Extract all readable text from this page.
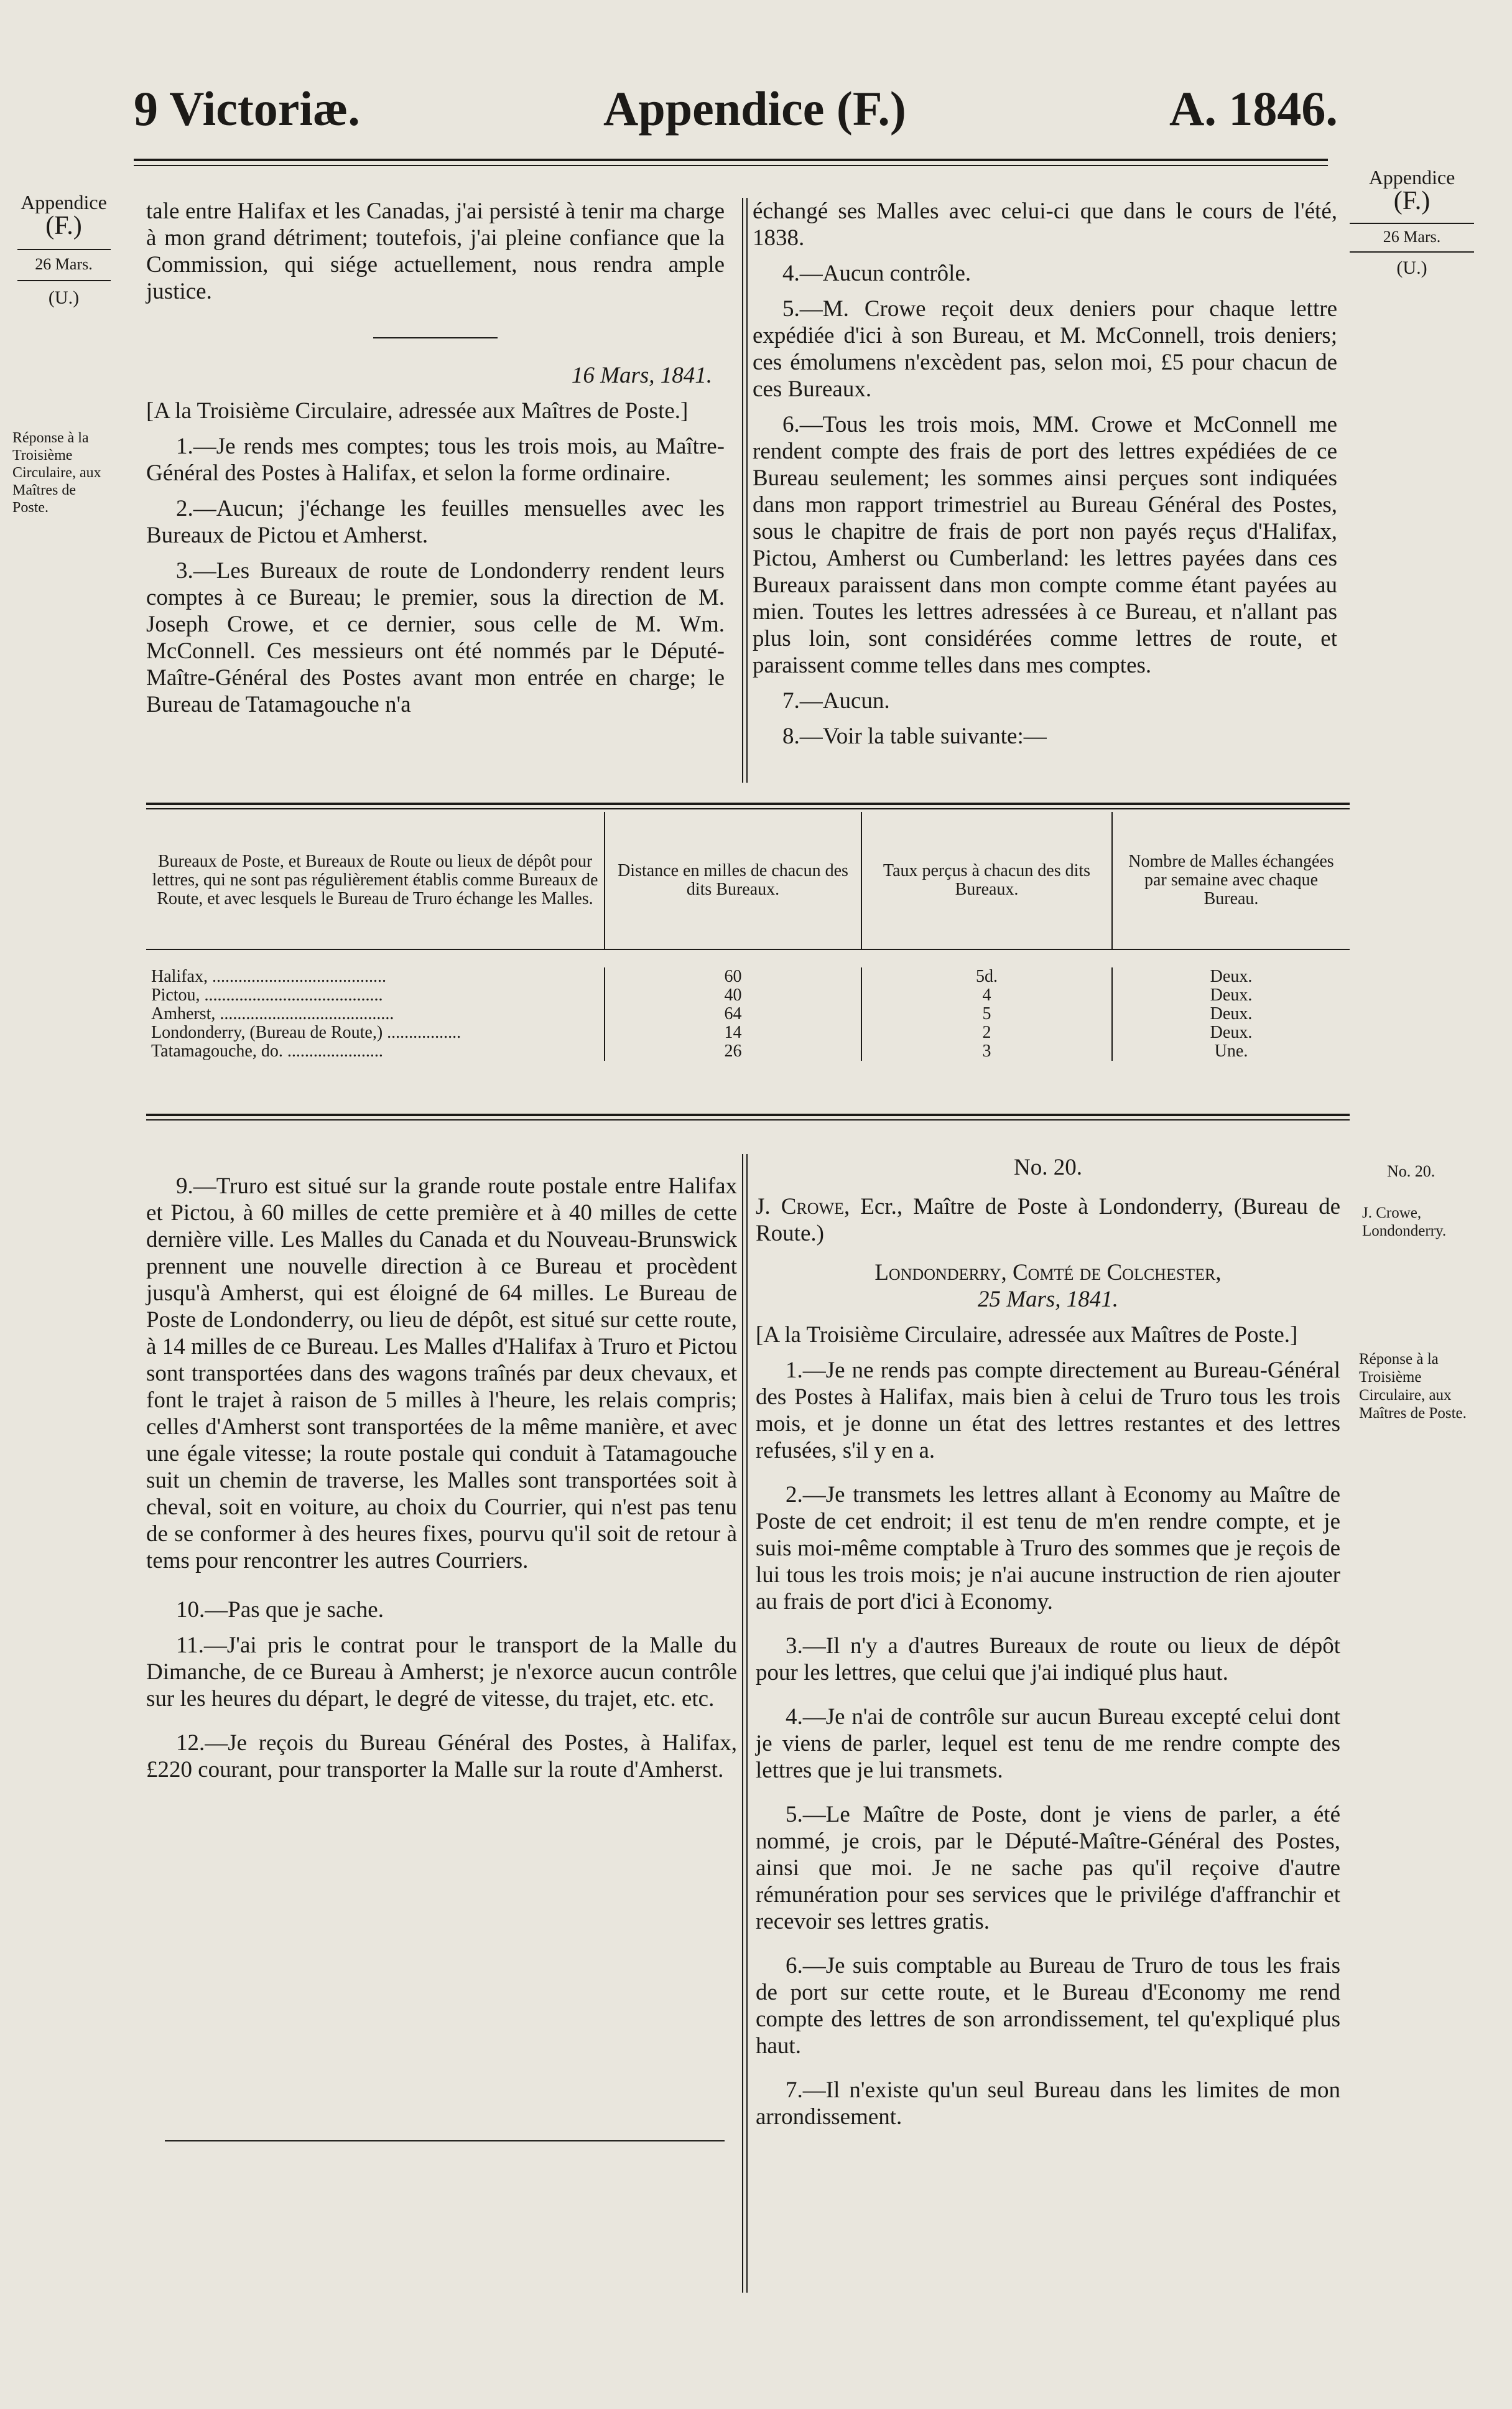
9 Victoriæ.	Appendice (F.)	A. 1846.
Appendice
(F.)
26 Mars.
(U.)
Réponse à la Troisième Circulaire, aux Maîtres de Poste.
Appendice
(F.)
26 Mars.
(U.)
No. 20.
J. Crowe, Londonderry.
Réponse à la Troisième Circulaire, aux Maîtres de Poste.

tale entre Halifax et les Canadas, j'ai persisté à tenir ma charge à mon grand détriment; toutefois, j'ai pleine confiance que la Commission, qui siége actuellement, nous rendra ample justice.

16 Mars, 1841.

[A la Troisième Circulaire, adressée aux Maîtres de Poste.]

1.—Je rends mes comptes; tous les trois mois, au Maître-Général des Postes à Halifax, et selon la forme ordinaire.

2.—Aucun; j'échange les feuilles mensuelles avec les Bureaux de Pictou et Amherst.

3.—Les Bureaux de route de Londonderry rendent leurs comptes à ce Bureau; le premier, sous la direction de M. Joseph Crowe, et ce dernier, sous celle de M. Wm. McConnell. Ces messieurs ont été nommés par le Député-Maître-Général des Postes avant mon entrée en charge; le Bureau de Tatamagouche n'a

échangé ses Malles avec celui-ci que dans le cours de l'été, 1838.

4.—Aucun contrôle.

5.—M. Crowe reçoit deux deniers pour chaque lettre expédiée d'ici à son Bureau, et M. McConnell, trois deniers; ces émolumens n'excèdent pas, selon moi, £5 pour chacun de ces Bureaux.

6.—Tous les trois mois, MM. Crowe et McConnell me rendent compte des frais de port des lettres expédiées de ce Bureau seulement; les sommes ainsi perçues sont indiquées dans mon rapport trimestriel au Bureau Général des Postes, sous le chapitre de frais de port non payés reçus d'Halifax, Pictou, Amherst ou Cumberland: les lettres payées dans ces Bureaux paraissent dans mon compte comme étant payées au mien. Toutes les lettres adressées à ce Bureau, et n'allant pas plus loin, sont considérées comme lettres de route, et paraissent comme telles dans mes comptes.

7.—Aucun.

8.—Voir la table suivante:—

Bureaux de Poste, et Bureaux de Route ou lieux de dépôt pour lettres, qui ne sont pas régulièrement établis comme Bureaux de Route, et avec lesquels le Bureau de Truro échange les Malles.	Distance en milles de chacun des dits Bureaux.	Taux perçus à chacun des dits Bureaux.	Nombre de Malles échangées par semaine avec chaque Bureau.

Halifax, ........................................	60	5d.	Deux.
Pictou, .........................................	40	4	Deux.
Amherst, ........................................	64	5	Deux.
Londonderry, (Bureau de Route,) .................	14	2	Deux.
Tatamagouche, do. ......................	26	3	Une.

9.—Truro est situé sur la grande route postale entre Halifax et Pictou, à 60 milles de cette première et à 40 milles de cette dernière ville. Les Malles du Canada et du Nouveau-Brunswick prennent une nouvelle direction à ce Bureau et procèdent jusqu'à Amherst, qui est éloigné de 64 milles. Le Bureau de Poste de Londonderry, ou lieu de dépôt, est situé sur cette route, à 14 milles de ce Bureau. Les Malles d'Halifax à Truro et Pictou sont transportées dans des wagons traînés par deux chevaux, et font le trajet à raison de 5 milles à l'heure, les relais compris; celles d'Amherst sont transportées de la même manière, et avec une égale vitesse; la route postale qui conduit à Tatamagouche suit un chemin de traverse, les Malles sont transportées soit à cheval, soit en voiture, au choix du Courrier, qui n'est pas tenu de se conformer à des heures fixes, pourvu qu'il soit de retour à tems pour rencontrer les autres Courriers.

10.—Pas que je sache.

11.—J'ai pris le contrat pour le transport de la Malle du Dimanche, de ce Bureau à Amherst; je n'exorce aucun contrôle sur les heures du départ, le degré de vitesse, du trajet, etc. etc.

12.—Je reçois du Bureau Général des Postes, à Halifax, £220 courant, pour transporter la Malle sur la route d'Amherst.

No. 20.

J. Crowe, Ecr., Maître de Poste à Londonderry, (Bureau de Route.)

Londonderry, Comté de Colchester,

25 Mars, 1841.

[A la Troisième Circulaire, adressée aux Maîtres de Poste.]

1.—Je ne rends pas compte directement au Bureau-Général des Postes à Halifax, mais bien à celui de Truro tous les trois mois, et je donne un état des lettres restantes et des lettres refusées, s'il y en a.

2.—Je transmets les lettres allant à Economy au Maître de Poste de cet endroit; il est tenu de m'en rendre compte, et je suis moi-même comptable à Truro des sommes que je reçois de lui tous les trois mois; je n'ai aucune instruction de rien ajouter au frais de port d'ici à Economy.

3.—Il n'y a d'autres Bureaux de route ou lieux de dépôt pour les lettres, que celui que j'ai indiqué plus haut.

4.—Je n'ai de contrôle sur aucun Bureau excepté celui dont je viens de parler, lequel est tenu de me rendre compte des lettres que je lui transmets.

5.—Le Maître de Poste, dont je viens de parler, a été nommé, je crois, par le Député-Maître-Général des Postes, ainsi que moi. Je ne sache pas qu'il reçoive d'autre rémunération pour ses services que le privilége d'affranchir et recevoir ses lettres gratis.

6.—Je suis comptable au Bureau de Truro de tous les frais de port sur cette route, et le Bureau d'Economy me rend compte des lettres de son arrondissement, tel qu'expliqué plus haut.

7.—Il n'existe qu'un seul Bureau dans les limites de mon arrondissement.
